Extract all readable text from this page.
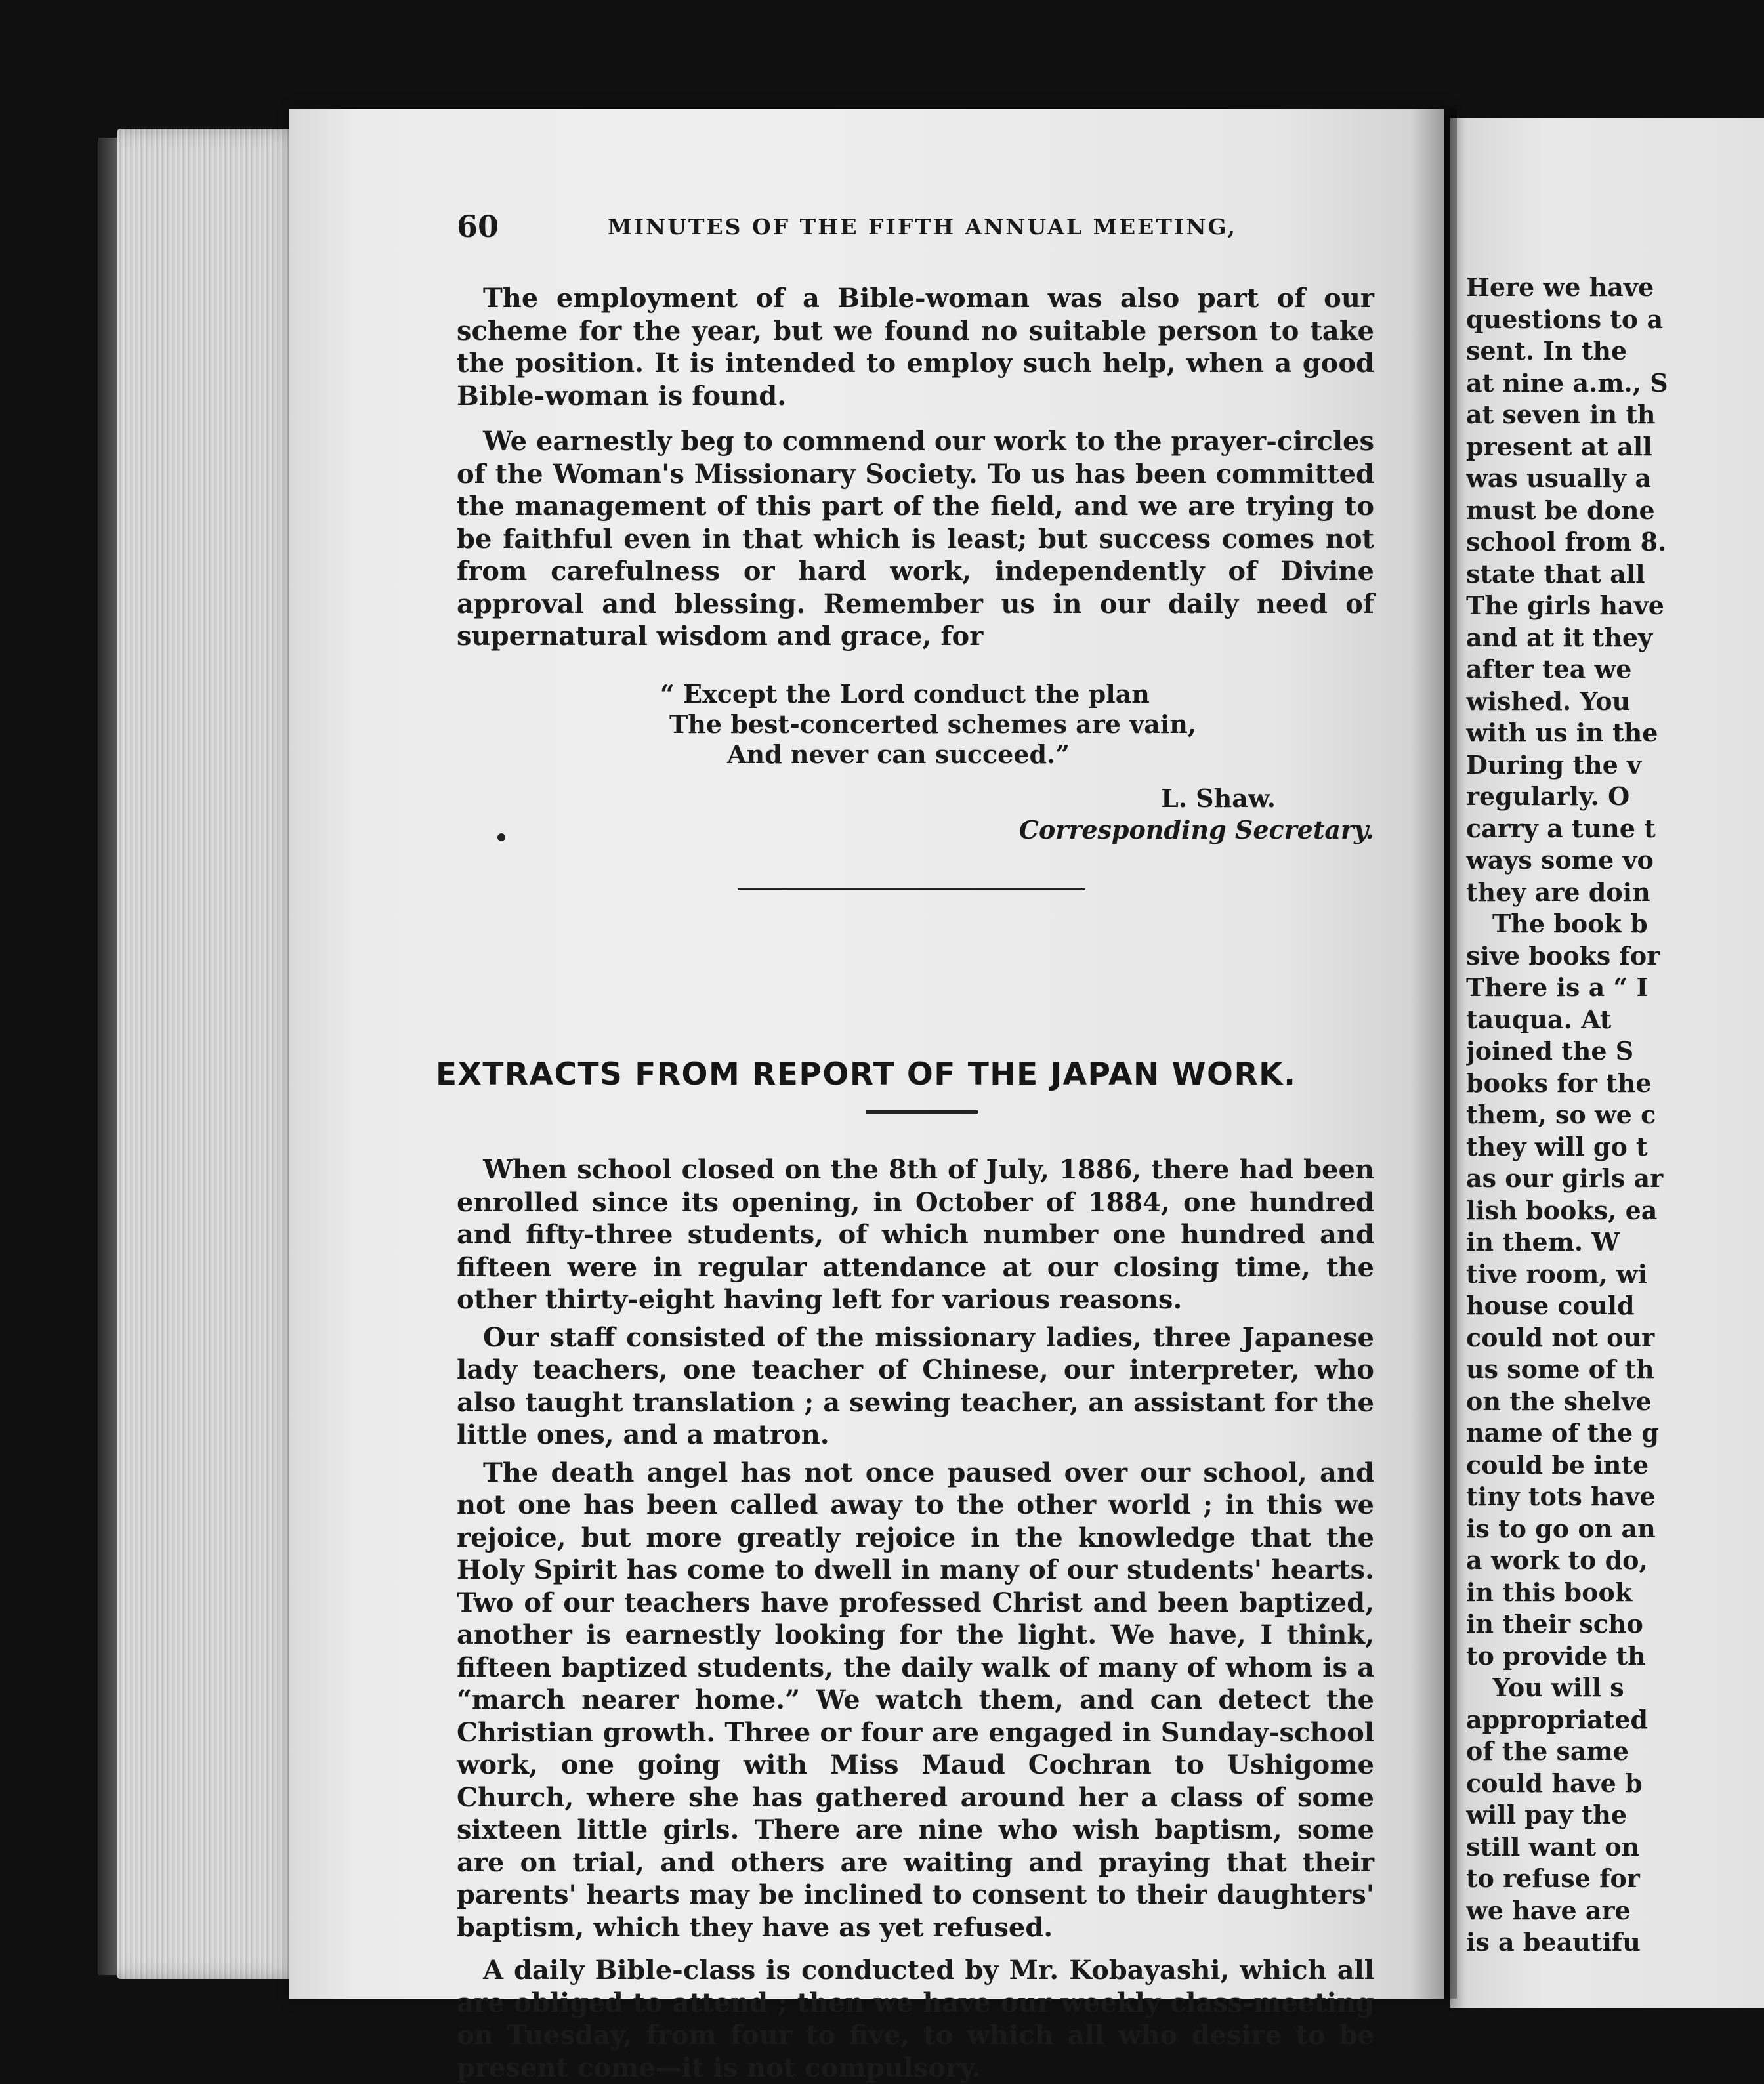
60	MINUTES OF THE FIFTH ANNUAL MEETING,

The employment of a Bible-woman was also part of our scheme for the year, but we found no suitable person to take the position. It is intended to employ such help, when a good Bible-woman is found.

We earnestly beg to commend our work to the prayer-circles of the Woman's Missionary Society. To us has been committed the management of this part of the field, and we are trying to be faithful even in that which is least; but success comes not from carefulness or hard work, independently of Divine approval and blessing. Remember us in our daily need of supernatural wisdom and grace, for

“ Except the Lord conduct the plan
The best-concerted schemes are vain,
And never can succeed.”
L. Shaw.
Corresponding Secretary.
EXTRACTS FROM REPORT OF THE JAPAN WORK.

When school closed on the 8th of July, 1886, there had been enrolled since its opening, in October of 1884, one hundred and fifty-three students, of which number one hundred and fifteen were in regular attendance at our closing time, the other thirty-eight having left for various reasons.

Our staff consisted of the missionary ladies, three Japanese lady teachers, one teacher of Chinese, our interpreter, who also taught translation ; a sewing teacher, an assistant for the little ones, and a matron.

The death angel has not once paused over our school, and not one has been called away to the other world ; in this we rejoice, but more greatly rejoice in the knowledge that the Holy Spirit has come to dwell in many of our students' hearts. Two of our teachers have professed Christ and been baptized, another is earnestly looking for the light. We have, I think, fifteen baptized students, the daily walk of many of whom is a “march nearer home.” We watch them, and can detect the Christian growth. Three or four are engaged in Sunday-school work, one going with Miss Maud Cochran to Ushigome Church, where she has gathered around her a class of some sixteen little girls. There are nine who wish baptism, some are on trial, and others are waiting and praying that their parents' hearts may be inclined to consent to their daughters' baptism, which they have as yet refused.

A daily Bible-class is conducted by Mr. Kobayashi, which all are obliged to attend ; then we have our weekly class-meeting on Tuesday, from four to five, to which all who desire to be present come—it is not compulsory.

Here we have
questions to a
sent. In the
at nine a.m., S
at seven in th
present at all
was usually a
must be done
school from 8.
state that all
The girls have
and at it they
after tea we
wished. You
with us in the
During the v
regularly. O
carry a tune t
ways some vo
they are doin
The book b
sive books for
There is a “ I
tauqua. At
joined the S
books for the
them, so we c
they will go t
as our girls ar
lish books, ea
in them. W
tive room, wi
house could
could not our
us some of th
on the shelve
name of the g
could be inte
tiny tots have
is to go on an
a work to do,
in this book
in their scho
to provide th
You will s
appropriated
of the same
could have b
will pay the
still want on
to refuse for
we have are
is a beautifu
